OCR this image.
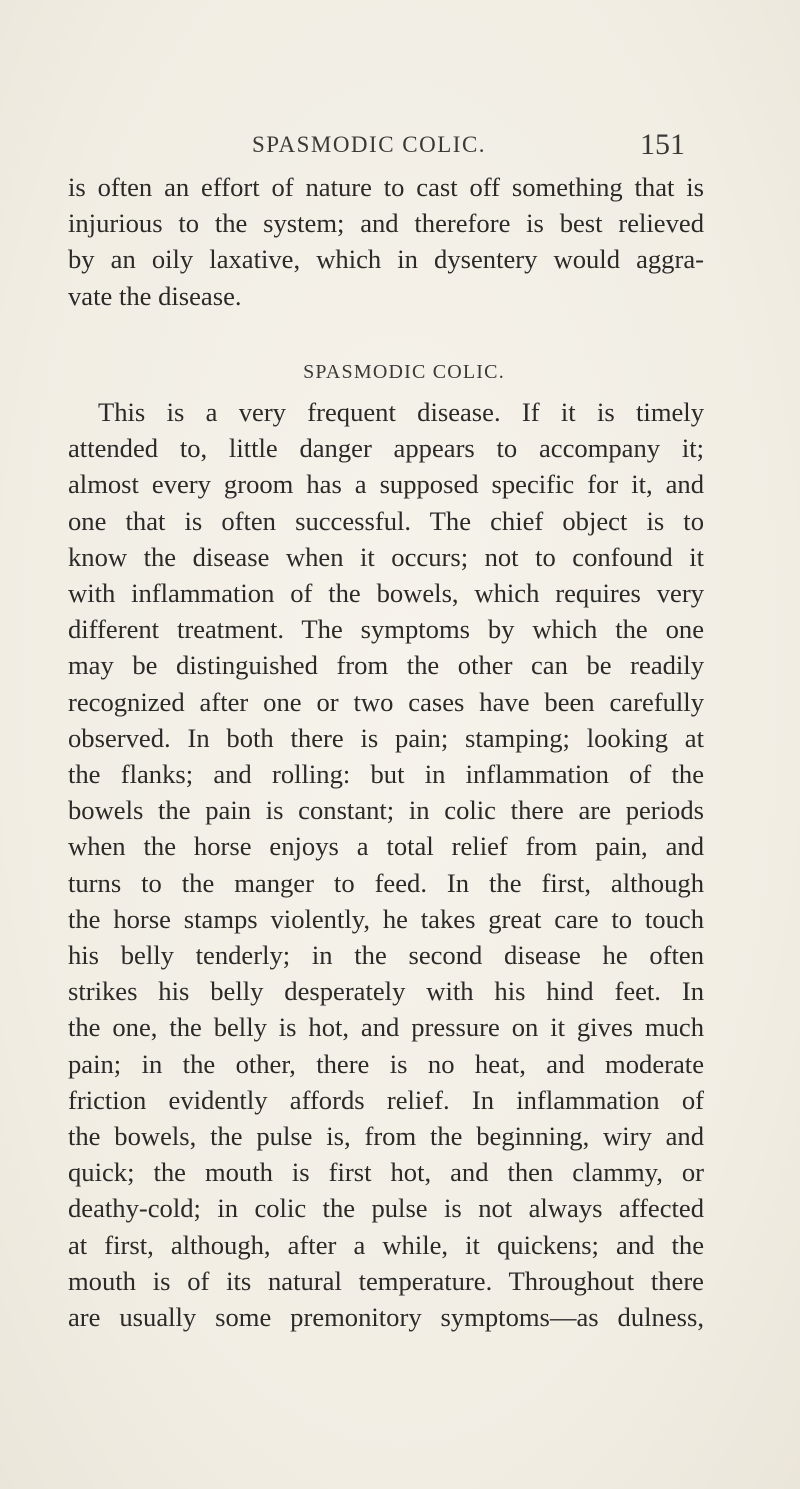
SPASMODIC COLIC.	151
is often an effort of nature to cast off something that is
injurious to the system; and therefore is best relieved
by an oily laxative, which in dysentery would aggra-
vate the disease.
SPASMODIC COLIC.
This is a very frequent disease. If it is timely
attended to, little danger appears to accompany it;
almost every groom has a supposed specific for it, and
one that is often successful. The chief object is to
know the disease when it occurs; not to confound it
with inflammation of the bowels, which requires very
different treatment. The symptoms by which the one
may be distinguished from the other can be readily
recognized after one or two cases have been carefully
observed. In both there is pain; stamping; looking at
the flanks; and rolling: but in inflammation of the
bowels the pain is constant; in colic there are periods
when the horse enjoys a total relief from pain, and
turns to the manger to feed. In the first, although
the horse stamps violently, he takes great care to touch
his belly tenderly; in the second disease he often
strikes his belly desperately with his hind feet. In
the one, the belly is hot, and pressure on it gives much
pain; in the other, there is no heat, and moderate
friction evidently affords relief. In inflammation of
the bowels, the pulse is, from the beginning, wiry and
quick; the mouth is first hot, and then clammy, or
deathy-cold; in colic the pulse is not always affected
at first, although, after a while, it quickens; and the
mouth is of its natural temperature. Throughout there
are usually some premonitory symptoms—as dulness,
